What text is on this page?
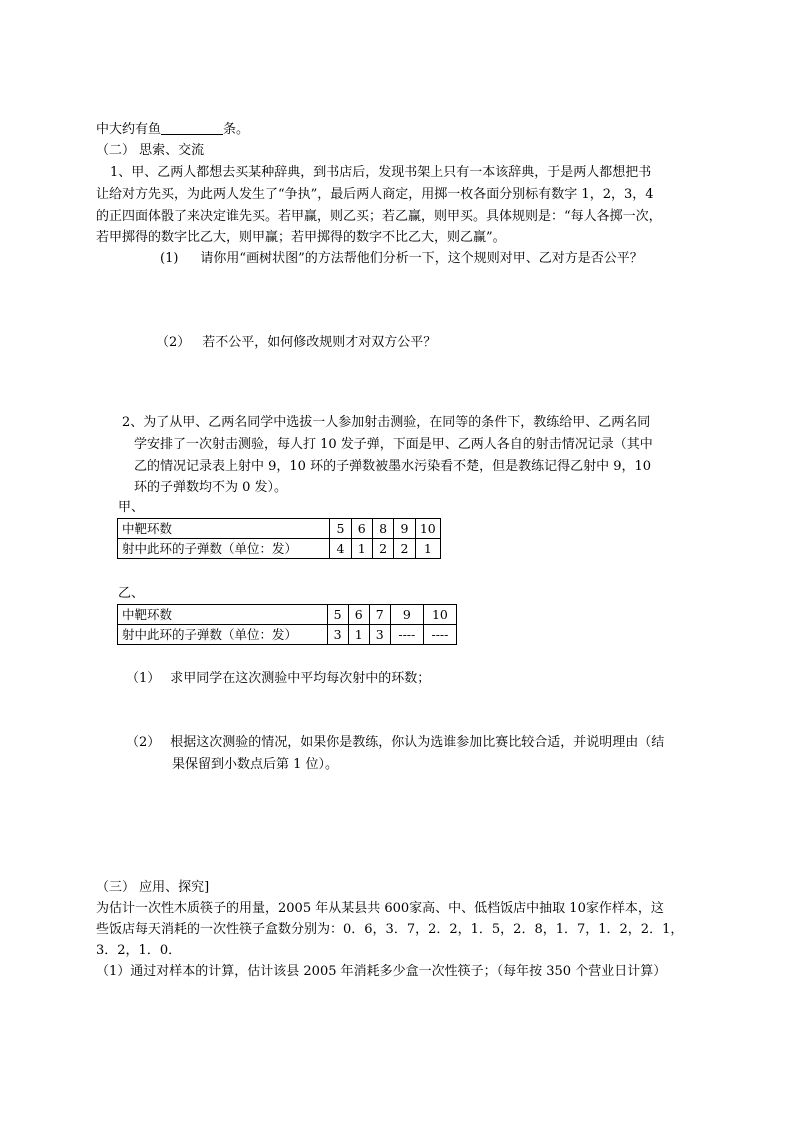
中大约有鱼	条。
（二） 思索、交流
1、甲、乙两人都想去买某种辞典，到书店后，发现书架上只有一本该辞典，于是两人都想把书
让给对方先买，为此两人发生了“争执”，最后两人商定，用掷一枚各面分别标有数字 1，2，3，4
的正四面体骰了来决定谁先买。若甲赢，则乙买；若乙赢，则甲买。具体规则是：“每人各掷一次，
若甲掷得的数字比乙大，则甲赢；若甲掷得的数字不比乙大，则乙赢”。
(1) 请你用“画树状图”的方法帮他们分析一下，这个规则对甲、乙对方是否公平？
（2） 若不公平，如何修改规则才对双方公平？
2、为了从甲、乙两名同学中选拔一人参加射击测验，在同等的条件下，教练给甲、乙两名同
学安排了一次射击测验，每人打 10 发子弹，下面是甲、乙两人各自的射击情况记录（其中
乙的情况记录表上射中 9，10 环的子弹数被墨水污染看不楚，但是教练记得乙射中 9，10
环的子弹数均不为 0 发）。
甲、
中靶环数	5	6	8	9	10
射中此环的子弹数（单位：发）	4	1	2	2	1
乙、
中靶环数	5	6	7	9	10
射中此环的子弹数（单位：发）	3	1	3	----	----
（1） 求甲同学在这次测验中平均每次射中的环数；
（2） 根据这次测验的情况，如果你是教练，你认为选谁参加比赛比较合适，并说明理由（结
果保留到小数点后第 1 位）。
（三） 应用、探究]
为估计一次性木质筷子的用量，2005 年从某县共 600家高、中、低档饭店中抽取 10家作样本，这
些饭店每天消耗的一次性筷子盒数分别为：0．6，3．7，2．2，1．5，2．8，1．7，1．2，2．1，
3．2，1．0．
（1）通过对样本的计算，估计该县 2005 年消耗多少盒一次性筷子；（每年按 350 个营业日计算）
